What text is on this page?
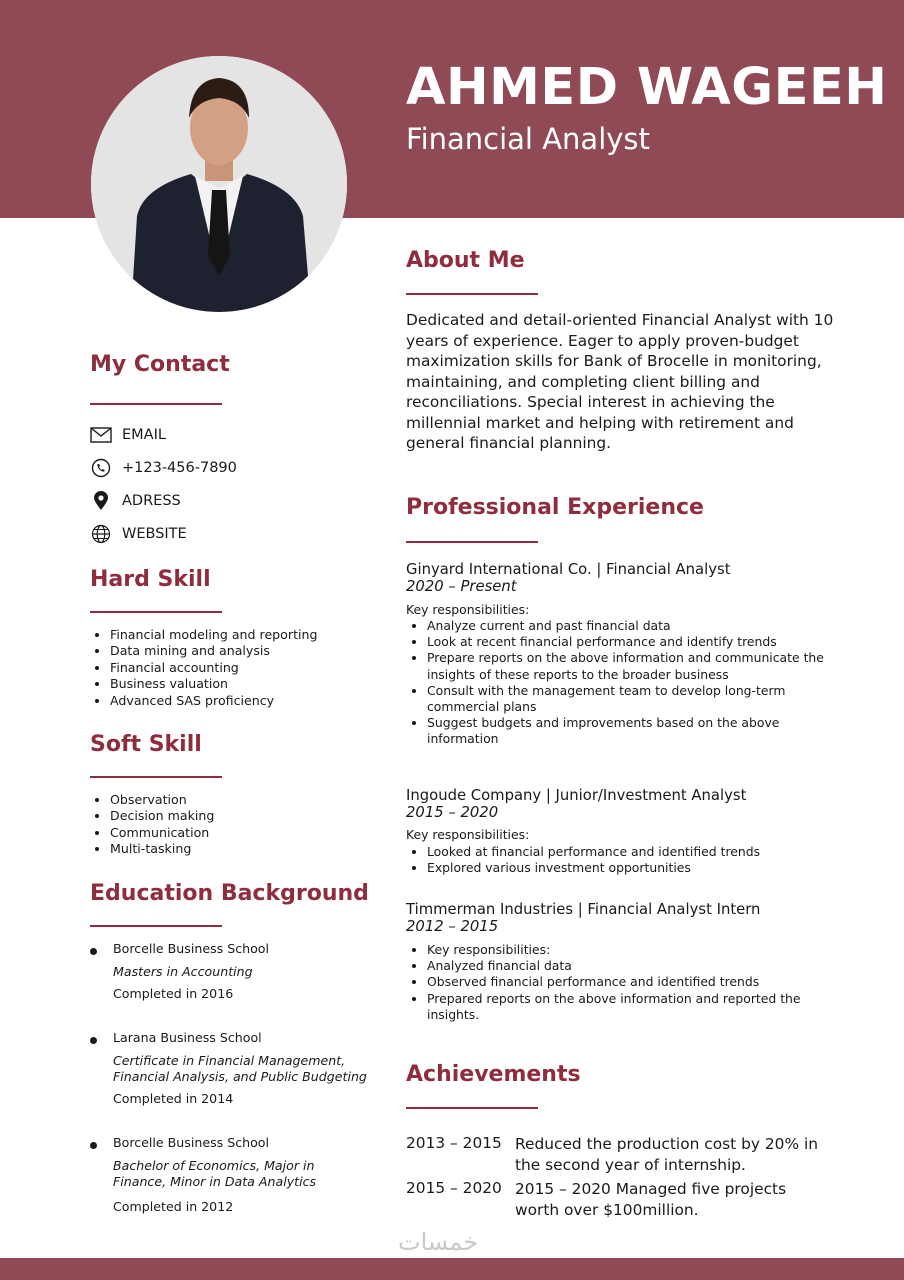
AHMED WAGEEH
Financial Analyst
About Me
Dedicated and detail-oriented Financial Analyst with 10 years of experience. Eager to apply proven-budget maximization skills for Bank of Brocelle in monitoring, maintaining, and completing client billing and reconciliations. Special interest in achieving the millennial market and helping with retirement and general financial planning.
My Contact
EMAIL
+123-456-7890
ADRESS
WEBSITE
Hard Skill
• Financial modeling and reporting
• Data mining and analysis
• Financial accounting
• Business valuation
• Advanced SAS proficiency
Soft Skill
• Observation
• Decision making
• Communication
• Multi-tasking
Education Background
Borcelle Business School
Masters in Accounting
Completed in 2016
Larana Business School
Certificate in Financial Management, Financial Analysis, and Public Budgeting
Completed in 2014
Borcelle Business School
Bachelor of Economics, Major in Finance, Minor in Data Analytics
Completed in 2012
Professional Experience
Ginyard International Co. | Financial Analyst
2020 – Present
Key responsibilities:
• Analyze current and past financial data
• Look at recent financial performance and identify trends
• Prepare reports on the above information and communicate the insights of these reports to the broader business
• Consult with the management team to develop long-term commercial plans
• Suggest budgets and improvements based on the above information
Ingoude Company | Junior/Investment Analyst
2015 – 2020
Key responsibilities:
• Looked at financial performance and identified trends
• Explored various investment opportunities
Timmerman Industries | Financial Analyst Intern
2012 – 2015
• Key responsibilities:
• Analyzed financial data
• Observed financial performance and identified trends
• Prepared reports on the above information and reported the insights.
Achievements
2013 – 2015 Reduced the production cost by 20% in the second year of internship.
2015 – 2020 2015 – 2020 Managed five projects worth over $100million.
خمسات
